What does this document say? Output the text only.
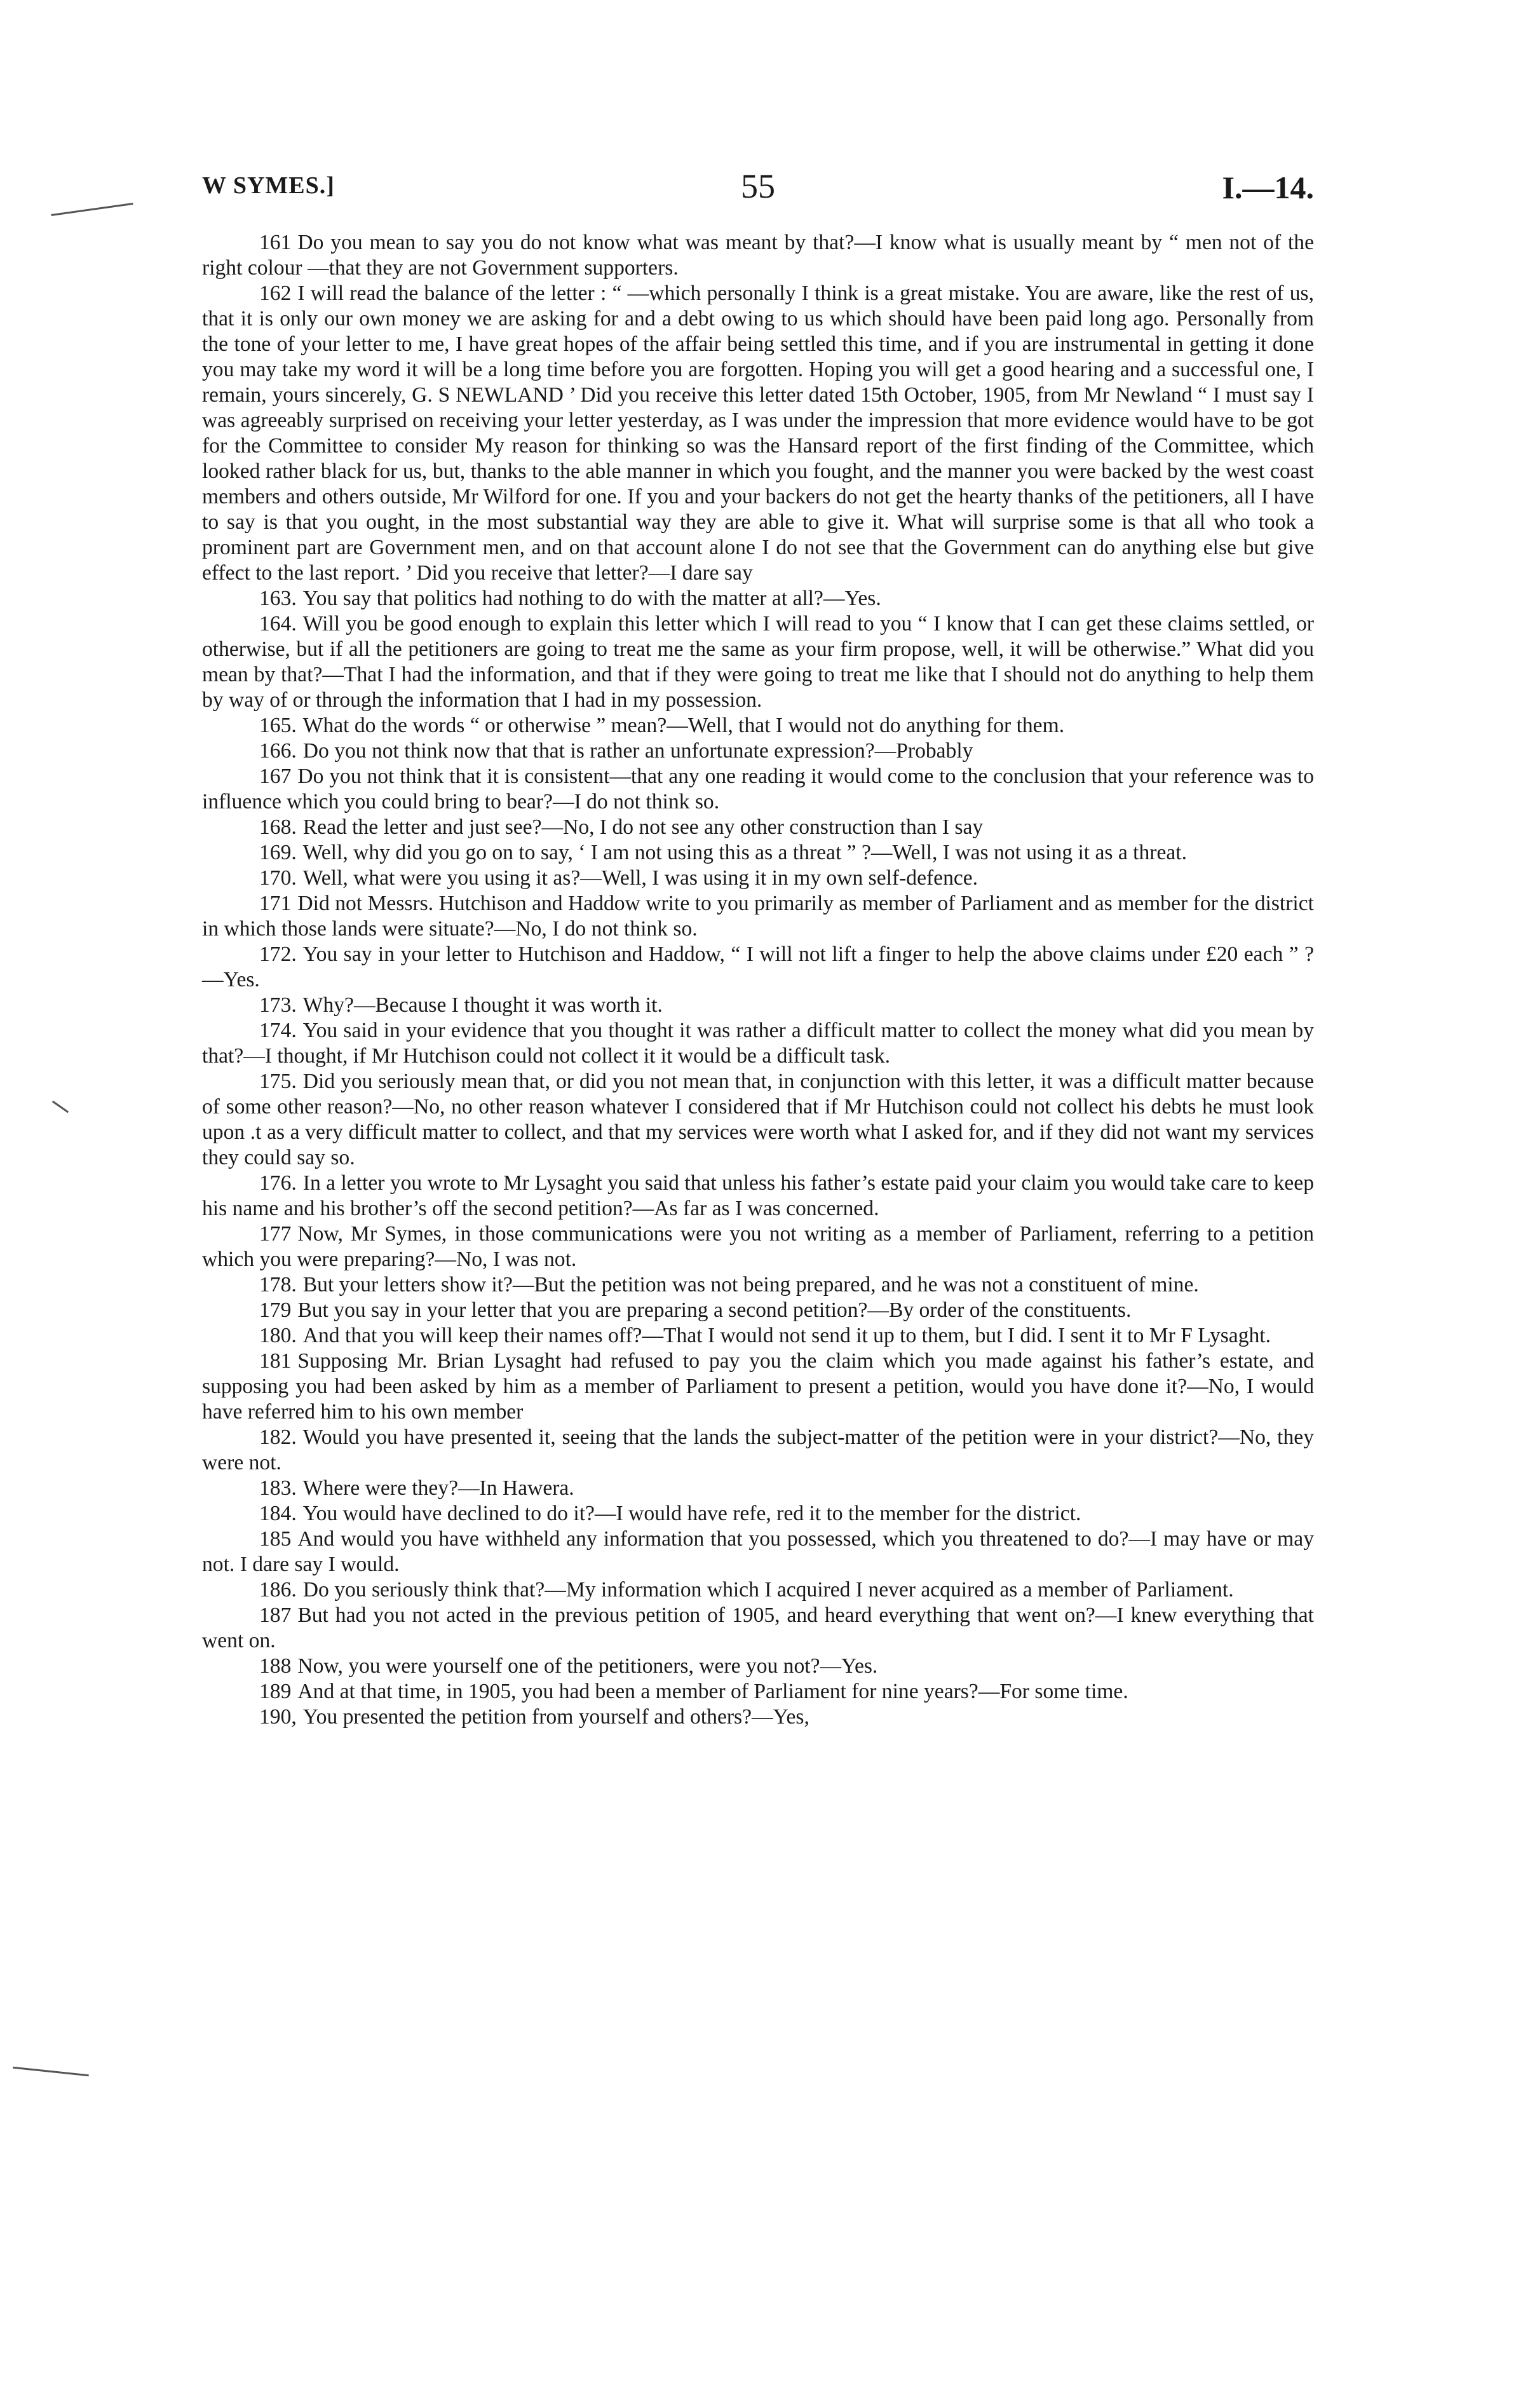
W SYMES.]	55	I.—14.

161 Do you mean to say you do not know what was meant by that?—I know what is usually meant by “ men not of the right colour —that they are not Government supporters.

162 I will read the balance of the letter : “ —which personally I think is a great mistake. You are aware, like the rest of us, that it is only our own money we are asking for and a debt owing to us which should have been paid long ago. Personally from the tone of your letter to me, I have great hopes of the affair being settled this time, and if you are instrumental in getting it done you may take my word it will be a long time before you are forgotten. Hoping you will get a good hearing and a successful one, I remain, yours sincerely, G. S NEWLAND ’ Did you receive this letter dated 15th October, 1905, from Mr Newland “ I must say I was agreeably surprised on receiving your letter yesterday, as I was under the impression that more evidence would have to be got for the Committee to consider My reason for thinking so was the Hansard report of the first finding of the Committee, which looked rather black for us, but, thanks to the able manner in which you fought, and the manner you were backed by the west coast members and others outside, Mr Wilford for one. If you and your backers do not get the hearty thanks of the petitioners, all I have to say is that you ought, in the most substantial way they are able to give it. What will surprise some is that all who took a prominent part are Government men, and on that account alone I do not see that the Government can do anything else but give effect to the last report. ’ Did you receive that letter?—I dare say

163. You say that politics had nothing to do with the matter at all?—Yes.

164. Will you be good enough to explain this letter which I will read to you “ I know that I can get these claims settled, or otherwise, but if all the petitioners are going to treat me the same as your firm propose, well, it will be otherwise.” What did you mean by that?—That I had the information, and that if they were going to treat me like that I should not do anything to help them by way of or through the information that I had in my possession.

165. What do the words “ or otherwise ” mean?—Well, that I would not do anything for them.

166. Do you not think now that that is rather an unfortunate expression?—Probably

167 Do you not think that it is consistent—that any one reading it would come to the conclusion that your reference was to influence which you could bring to bear?—I do not think so.

168. Read the letter and just see?—No, I do not see any other construction than I say

169. Well, why did you go on to say, ‘ I am not using this as a threat ” ?—Well, I was not using it as a threat.

170. Well, what were you using it as?—Well, I was using it in my own self-defence.

171 Did not Messrs. Hutchison and Haddow write to you primarily as member of Parliament and as member for the district in which those lands were situate?—No, I do not think so.

172. You say in your letter to Hutchison and Haddow, “ I will not lift a finger to help the above claims under £20 each ” ?—Yes.

173. Why?—Because I thought it was worth it.

174. You said in your evidence that you thought it was rather a difficult matter to collect the money what did you mean by that?—I thought, if Mr Hutchison could not collect it it would be a difficult task.

175. Did you seriously mean that, or did you not mean that, in conjunction with this letter, it was a difficult matter because of some other reason?—No, no other reason whatever I considered that if Mr Hutchison could not collect his debts he must look upon .t as a very difficult matter to collect, and that my services were worth what I asked for, and if they did not want my services they could say so.

176. In a letter you wrote to Mr Lysaght you said that unless his father’s estate paid your claim you would take care to keep his name and his brother’s off the second petition?—As far as I was concerned.

177 Now, Mr Symes, in those communications were you not writing as a member of Parliament, referring to a petition which you were preparing?—No, I was not.

178. But your letters show it?—But the petition was not being prepared, and he was not a constituent of mine.

179 But you say in your letter that you are preparing a second petition?—By order of the constituents.

180. And that you will keep their names off?—That I would not send it up to them, but I did. I sent it to Mr F Lysaght.

181 Supposing Mr. Brian Lysaght had refused to pay you the claim which you made against his father’s estate, and supposing you had been asked by him as a member of Parliament to present a petition, would you have done it?—No, I would have referred him to his own member

182. Would you have presented it, seeing that the lands the subject-matter of the petition were in your district?—No, they were not.

183. Where were they?—In Hawera.

184. You would have declined to do it?—I would have refe, red it to the member for the district.

185 And would you have withheld any information that you possessed, which you threatened to do?—I may have or may not. I dare say I would.

186. Do you seriously think that?—My information which I acquired I never acquired as a member of Parliament.

187 But had you not acted in the previous petition of 1905, and heard everything that went on?—I knew everything that went on.

188 Now, you were yourself one of the petitioners, were you not?—Yes.

189 And at that time, in 1905, you had been a member of Parliament for nine years?—For some time.

190, You presented the petition from yourself and others?—Yes,
